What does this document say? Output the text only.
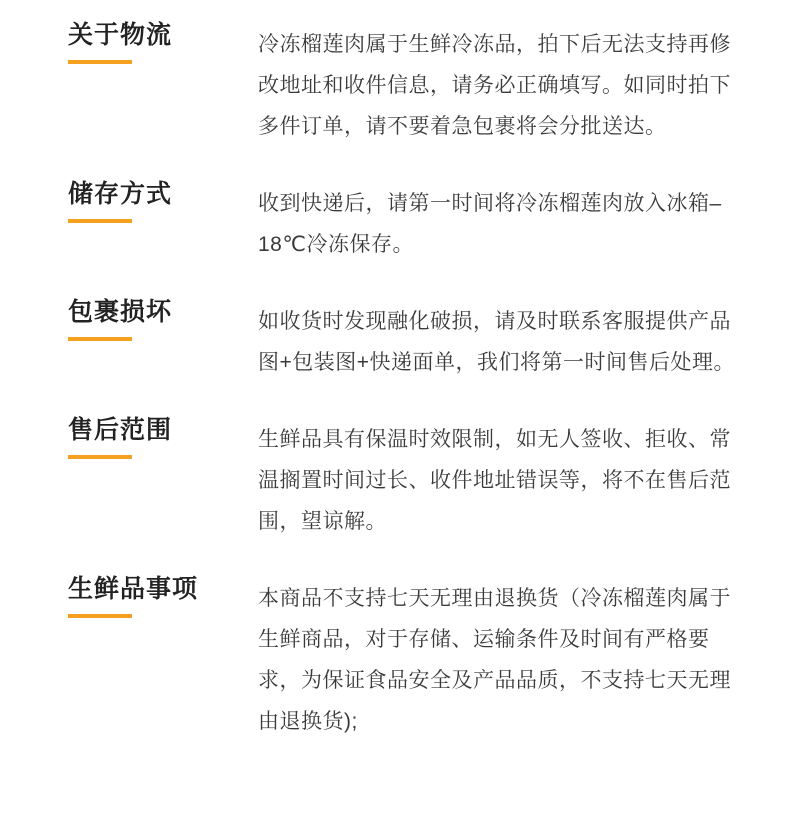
关于物流	冷冻榴莲肉属于生鲜冷冻品，拍下后无法支持再修改地址和收件信息，请务必正确填写。如同时拍下多件订单，请不要着急包裹将会分批送达。

储存方式	收到快递后，请第一时间将冷冻榴莲肉放入冰箱–18℃冷冻保存。

包裹损坏	如收货时发现融化破损，请及时联系客服提供产品图+包装图+快递面单，我们将第一时间售后处理。

售后范围	生鲜品具有保温时效限制，如无人签收、拒收、常温搁置时间过长、收件地址错误等，将不在售后范围，望谅解。

生鲜品事项	本商品不支持七天无理由退换货（冷冻榴莲肉属于生鲜商品，对于存储、运输条件及时间有严格要求，为保证食品安全及产品品质，不支持七天无理由退换货);
